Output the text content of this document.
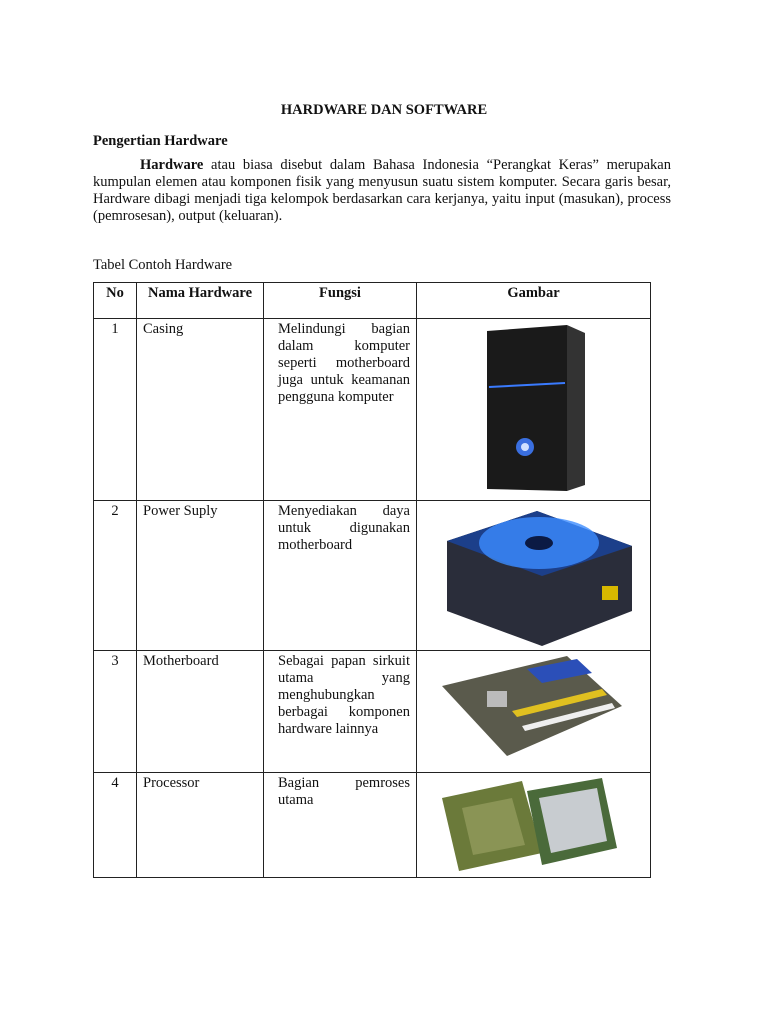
HARDWARE DAN SOFTWARE
Pengertian Hardware
Hardware atau biasa disebut dalam Bahasa Indonesia “Perangkat Keras” merupakan kumpulan elemen atau komponen fisik yang menyusun suatu sistem komputer. Secara garis besar, Hardware dibagi menjadi tiga kelompok berdasarkan cara kerjanya, yaitu input (masukan), process (pemrosesan), output (keluaran).
Tabel Contoh Hardware
No	Nama Hardware	Fungsi	Gambar
1	Casing	Melindungi bagian dalam komputer seperti motherboard juga untuk keamanan pengguna komputer	

2	Power Suply	Menyediakan daya untuk digunakan motherboard	

3	Motherboard	Sebagai papan sirkuit utama yang menghubungkan berbagai komponen hardware lainnya	

4	Processor	Bagian pemroses utama	
